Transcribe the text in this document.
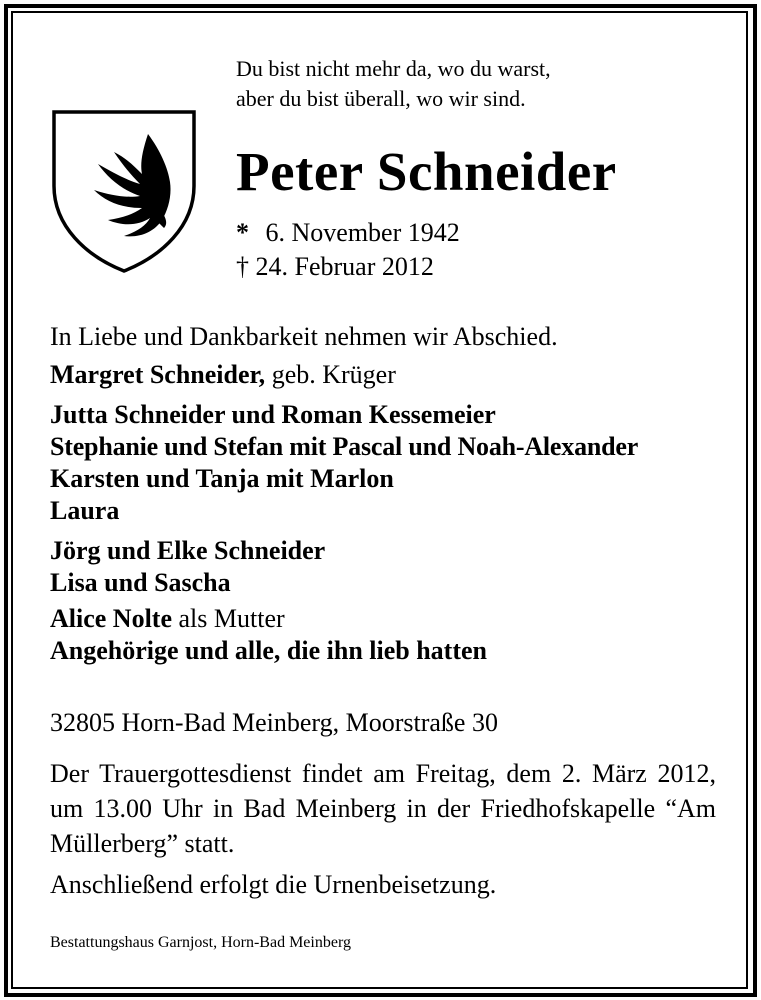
Du bist nicht mehr da, wo du warst,
aber du bist überall, wo wir sind.
Peter Schneider
* 6. November 1942
† 24. Februar 2012
In Liebe und Dankbarkeit nehmen wir Abschied.
Margret Schneider, geb. Krüger
Jutta Schneider und Roman Kessemeier
Stephanie und Stefan mit Pascal und Noah-Alexander
Karsten und Tanja mit Marlon
Laura
Jörg und Elke Schneider
Lisa und Sascha
Alice Nolte als Mutter
Angehörige und alle, die ihn lieb hatten
32805 Horn-Bad Meinberg, Moorstraße 30
Der Trauergottesdienst findet am Freitag, dem 2. März 2012, um 13.00 Uhr in Bad Meinberg in der Friedhofskapelle “Am Müllerberg” statt.
Anschließend erfolgt die Urnenbeisetzung.
Bestattungshaus Garnjost, Horn-Bad Meinberg
